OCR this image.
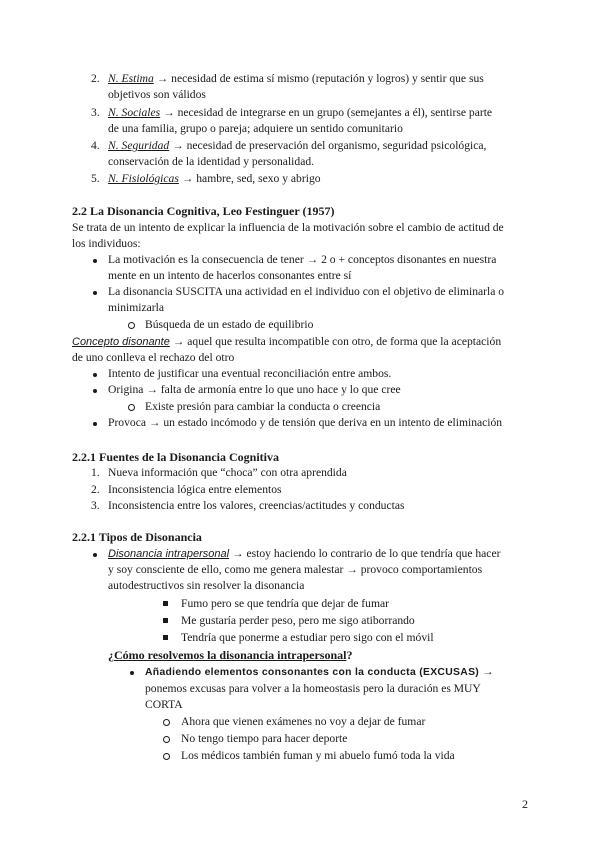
2. N. Estima → necesidad de estima sí mismo (reputación y logros) y sentir que sus
objetivos son válidos
3. N. Sociales → necesidad de integrarse en un grupo (semejantes a él), sentirse parte
de una familia, grupo o pareja; adquiere un sentido comunitario
4. N. Seguridad → necesidad de preservación del organismo, seguridad psicológica,
conservación de la identidad y personalidad.
5. N. Fisiológicas → hambre, sed, sexo y abrigo
2.2 La Disonancia Cognitiva, Leo Festinguer (1957)
Se trata de un intento de explicar la influencia de la motivación sobre el cambio de actitud de
los individuos:
La motivación es la consecuencia de tener → 2 o + conceptos disonantes en nuestra
mente en un intento de hacerlos consonantes entre sí
La disonancia SUSCITA una actividad en el individuo con el objetivo de eliminarla o
minimizarla
Búsqueda de un estado de equilibrio
Concepto disonante → aquel que resulta incompatible con otro, de forma que la aceptación
de uno conlleva el rechazo del otro
Intento de justificar una eventual reconciliación entre ambos.
Origina → falta de armonía entre lo que uno hace y lo que cree
Existe presión para cambiar la conducta o creencia
Provoca → un estado incómodo y de tensión que deriva en un intento de eliminación
2.2.1 Fuentes de la Disonancia Cognitiva
1. Nueva información que “choca” con otra aprendida
2. Inconsistencia lógica entre elementos
3. Inconsistencia entre los valores, creencias/actitudes y conductas
2.2.1 Tipos de Disonancia
Disonancia intrapersonal → estoy haciendo lo contrario de lo que tendría que hacer
y soy consciente de ello, como me genera malestar → provoco comportamientos
autodestructivos sin resolver la disonancia
Fumo pero se que tendría que dejar de fumar
Me gustaría perder peso, pero me sigo atiborrando
Tendría que ponerme a estudiar pero sigo con el móvil
¿Cómo resolvemos la disonancia intrapersonal?
Añadiendo elementos consonantes con la conducta (EXCUSAS) →
ponemos excusas para volver a la homeostasis pero la duración es MUY
CORTA
Ahora que vienen exámenes no voy a dejar de fumar
No tengo tiempo para hacer deporte
Los médicos también fuman y mi abuelo fumó toda la vida
2
